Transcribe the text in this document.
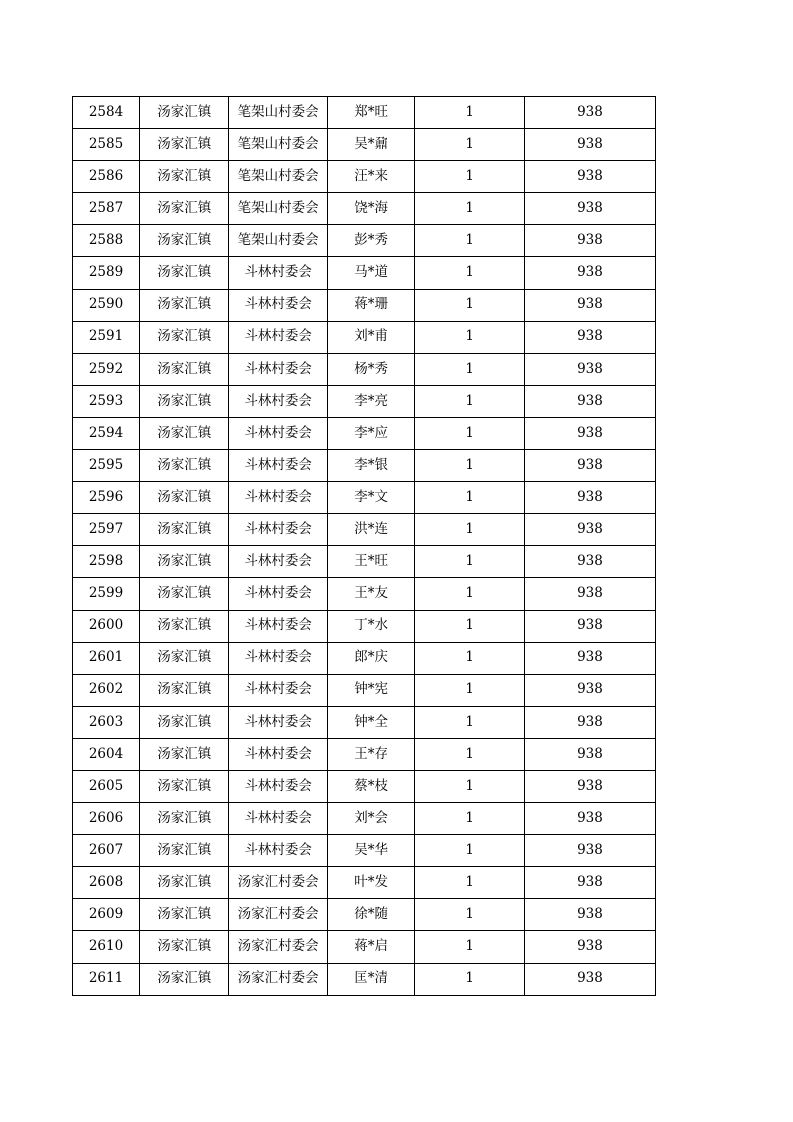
2584	汤家汇镇	笔架山村委会	郑*旺	1	938
2585	汤家汇镇	笔架山村委会	吴*鼐	1	938
2586	汤家汇镇	笔架山村委会	汪*来	1	938
2587	汤家汇镇	笔架山村委会	饶*海	1	938
2588	汤家汇镇	笔架山村委会	彭*秀	1	938
2589	汤家汇镇	斗林村委会	马*道	1	938
2590	汤家汇镇	斗林村委会	蒋*珊	1	938
2591	汤家汇镇	斗林村委会	刘*甫	1	938
2592	汤家汇镇	斗林村委会	杨*秀	1	938
2593	汤家汇镇	斗林村委会	李*亮	1	938
2594	汤家汇镇	斗林村委会	李*应	1	938
2595	汤家汇镇	斗林村委会	李*银	1	938
2596	汤家汇镇	斗林村委会	李*文	1	938
2597	汤家汇镇	斗林村委会	洪*连	1	938
2598	汤家汇镇	斗林村委会	王*旺	1	938
2599	汤家汇镇	斗林村委会	王*友	1	938
2600	汤家汇镇	斗林村委会	丁*水	1	938
2601	汤家汇镇	斗林村委会	郎*庆	1	938
2602	汤家汇镇	斗林村委会	钟*宪	1	938
2603	汤家汇镇	斗林村委会	钟*全	1	938
2604	汤家汇镇	斗林村委会	王*存	1	938
2605	汤家汇镇	斗林村委会	蔡*枝	1	938
2606	汤家汇镇	斗林村委会	刘*会	1	938
2607	汤家汇镇	斗林村委会	吴*华	1	938
2608	汤家汇镇	汤家汇村委会	叶*发	1	938
2609	汤家汇镇	汤家汇村委会	徐*随	1	938
2610	汤家汇镇	汤家汇村委会	蒋*启	1	938
2611	汤家汇镇	汤家汇村委会	匡*清	1	938
